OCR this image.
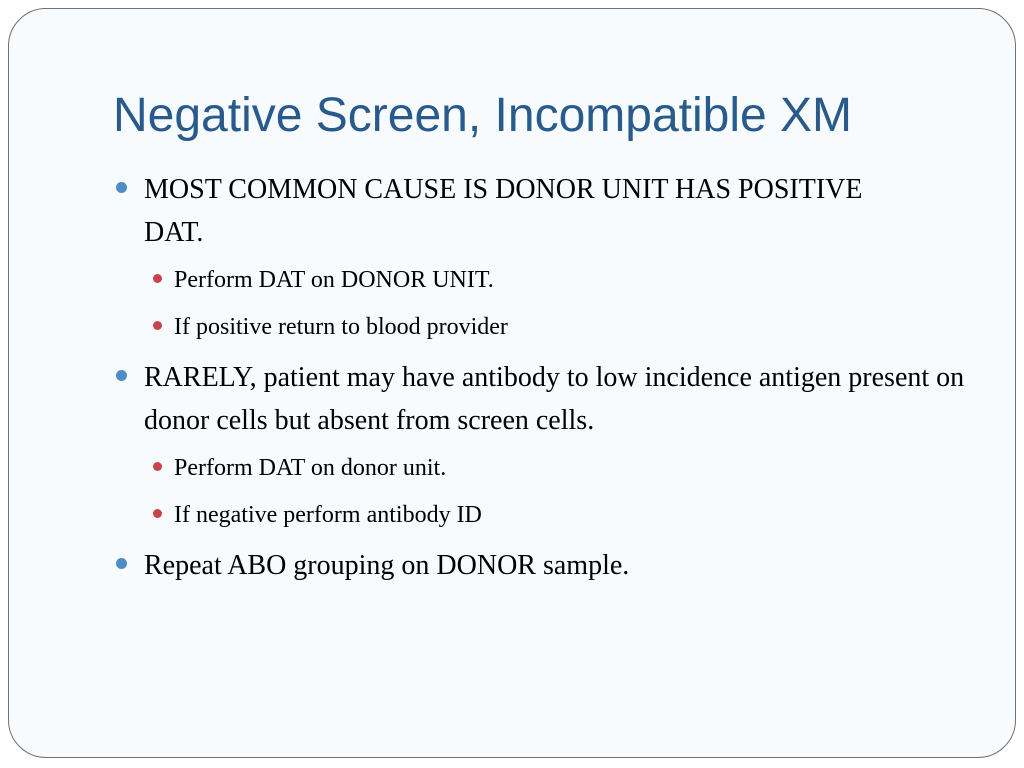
Negative Screen, Incompatible XM
MOST COMMON CAUSE IS DONOR UNIT HAS POSITIVE DAT.
Perform DAT on DONOR UNIT.
If positive return to blood provider
RARELY, patient may have antibody to low incidence antigen present on donor cells but absent from screen cells.
Perform DAT on donor unit.
If negative perform antibody ID
Repeat ABO grouping on DONOR sample.
